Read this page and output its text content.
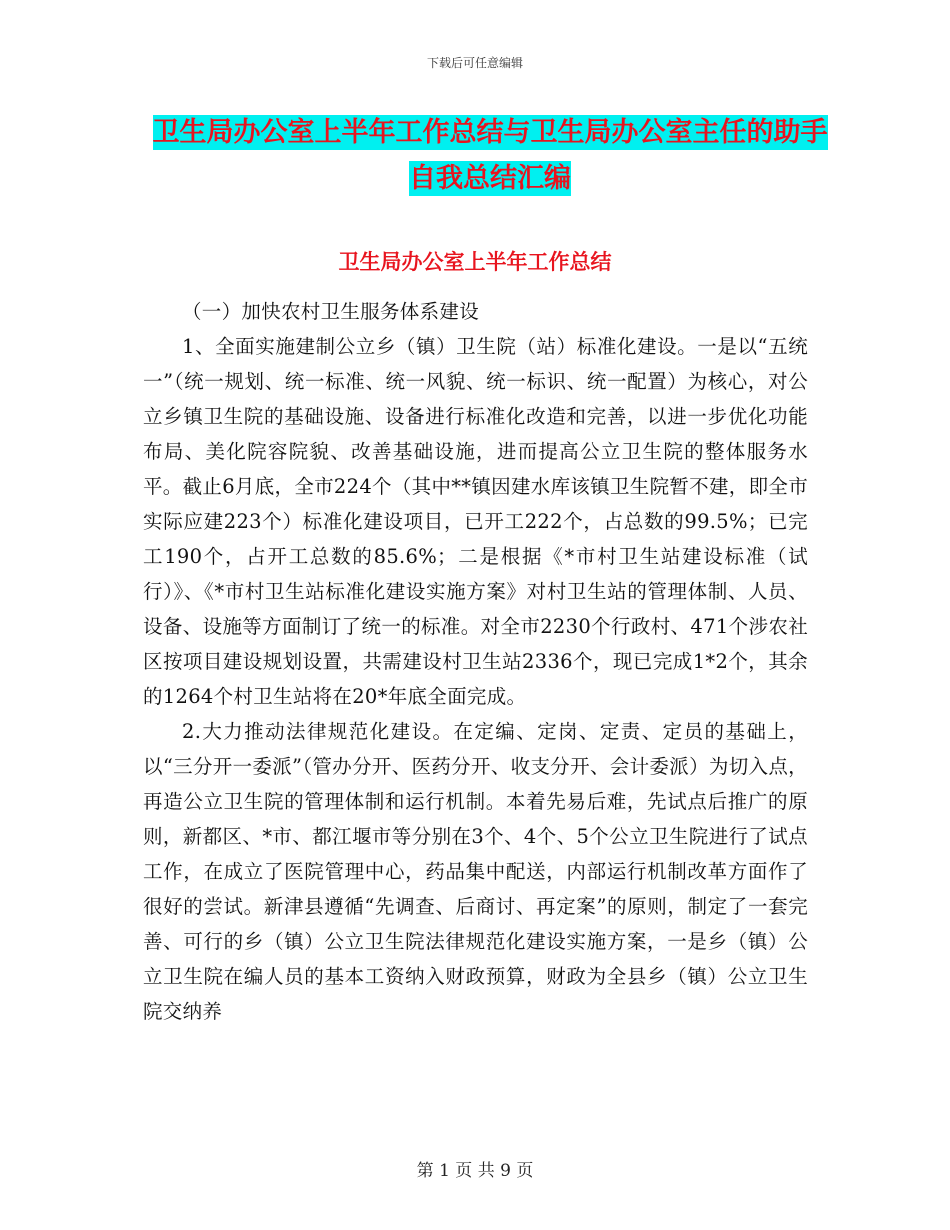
下载后可任意编辑
卫生局办公室上半年工作总结与卫生局办公室主任的助手自我总结汇编
卫生局办公室上半年工作总结

（一）加快农村卫生服务体系建设

1、全面实施建制公立乡（镇）卫生院（站）标准化建设。一是以“五统一”（统一规划、统一标准、统一风貌、统一标识、统一配置）为核心，对公立乡镇卫生院的基础设施、设备进行标准化改造和完善，以进一步优化功能布局、美化院容院貌、改善基础设施，进而提高公立卫生院的整体服务水平。截止6月底，全市224个（其中**镇因建水库该镇卫生院暂不建，即全市实际应建223个）标准化建设项目，已开工222个，占总数的99.5%；已完工190个，占开工总数的85.6%；二是根据《*市村卫生站建设标准（试行）》、《*市村卫生站标准化建设实施方案》对村卫生站的管理体制、人员、设备、设施等方面制订了统一的标准。对全市2230个行政村、471个涉农社区按项目建设规划设置，共需建设村卫生站2336个，现已完成1*2个，其余的1264个村卫生站将在20*年底全面完成。

2.大力推动法律规范化建设。在定编、定岗、定责、定员的基础上，以“三分开一委派”（管办分开、医药分开、收支分开、会计委派）为切入点，再造公立卫生院的管理体制和运行机制。本着先易后难，先试点后推广的原则，新都区、*市、都江堰市等分别在3个、4个、5个公立卫生院进行了试点工作，在成立了医院管理中心，药品集中配送，内部运行机制改革方面作了很好的尝试。新津县遵循“先调查、后商讨、再定案”的原则，制定了一套完善、可行的乡（镇）公立卫生院法律规范化建设实施方案，一是乡（镇）公立卫生院在编人员的基本工资纳入财政预算，财政为全县乡（镇）公立卫生院交纳养

第 1 页 共 9 页
